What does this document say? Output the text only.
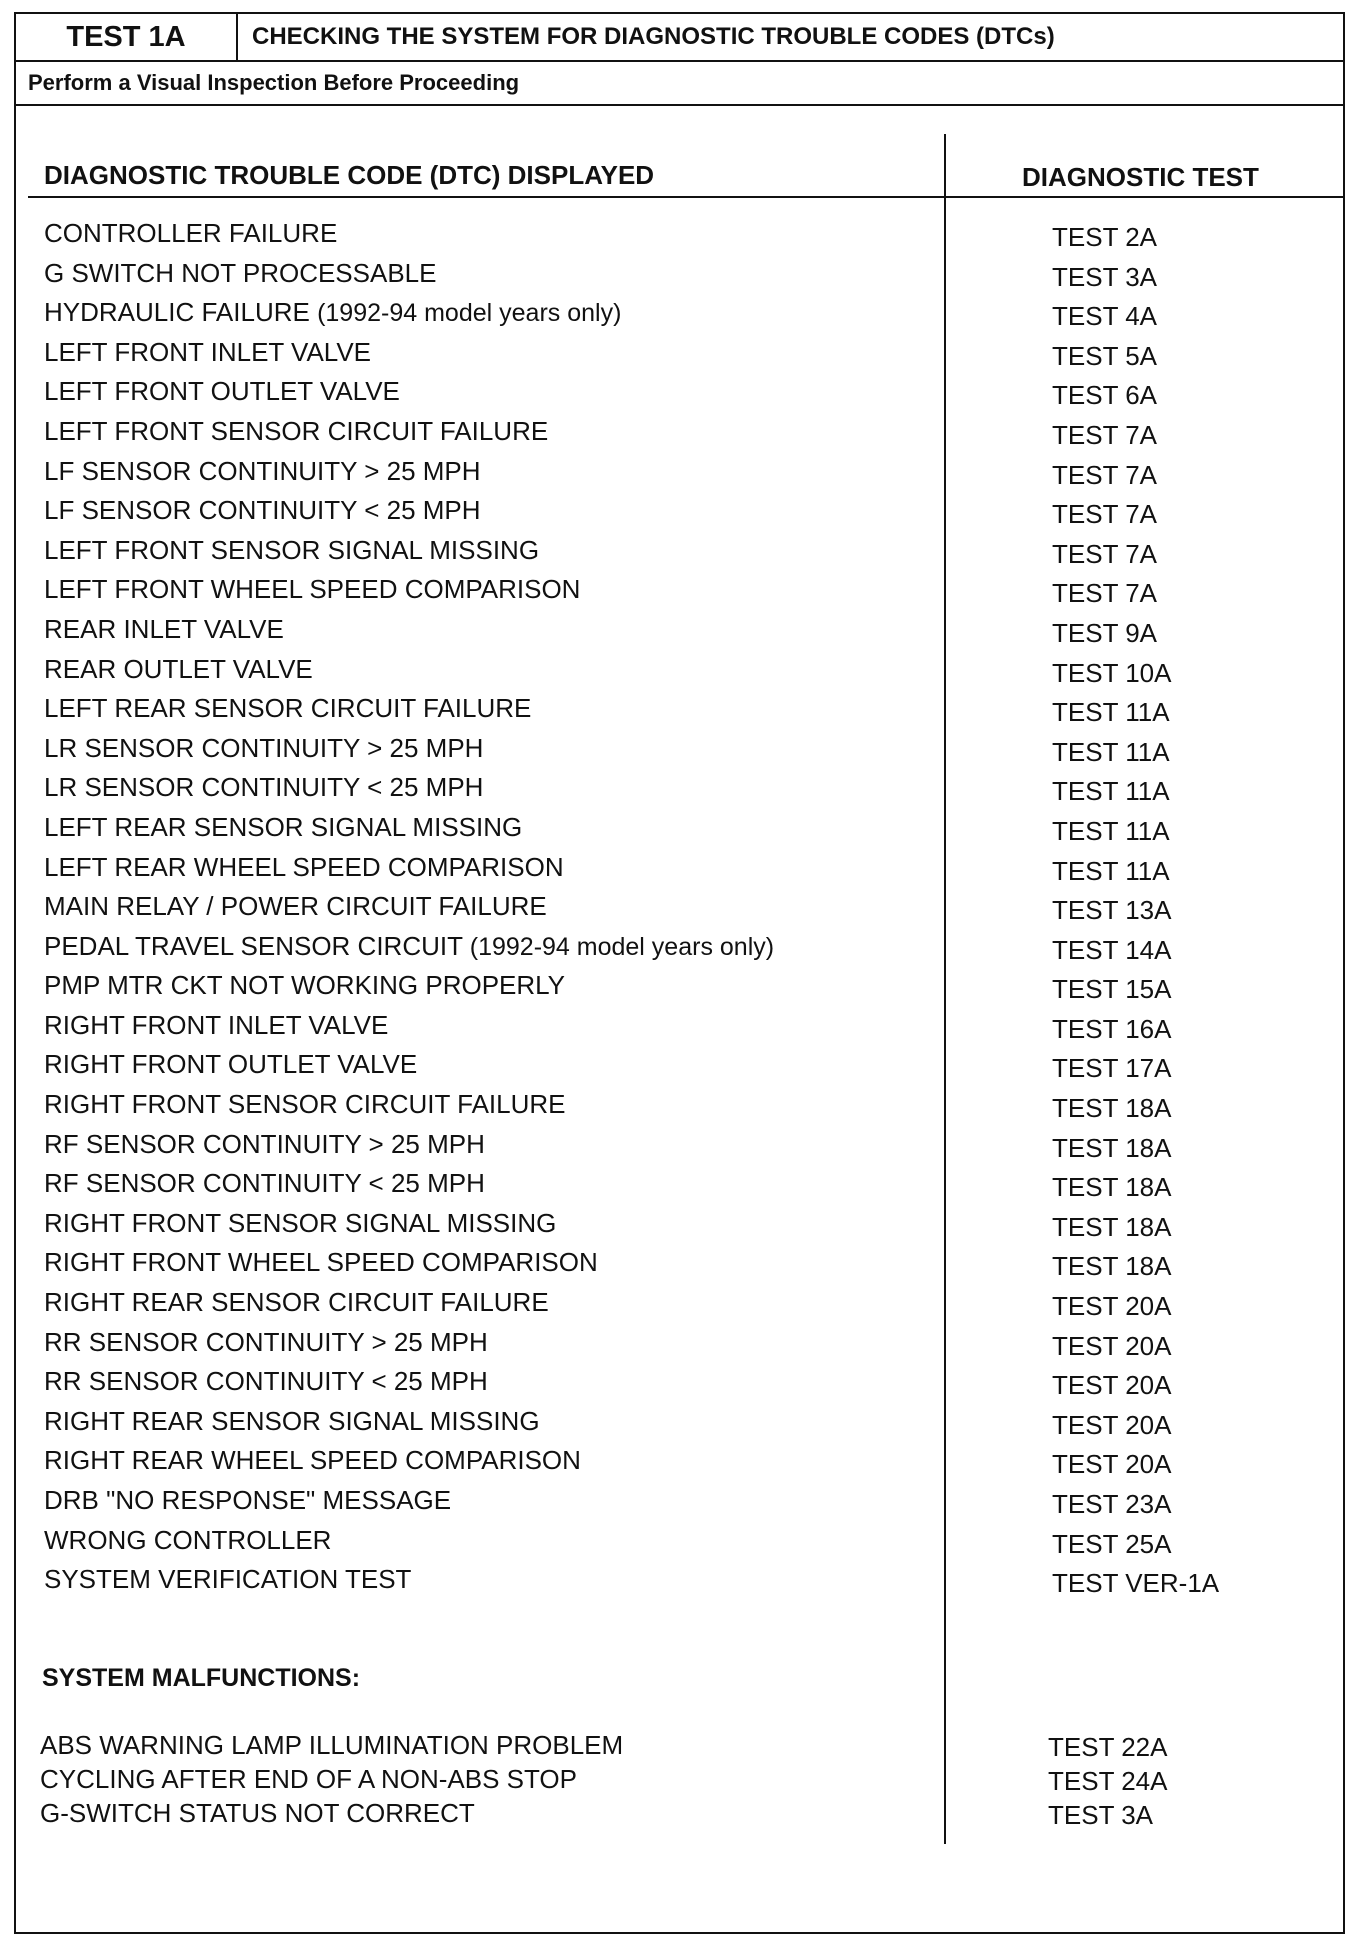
TEST 1A	CHECKING THE SYSTEM FOR DIAGNOSTIC TROUBLE CODES (DTCs)
Perform a Visual Inspection Before Proceeding
DIAGNOSTIC TROUBLE CODE (DTC) DISPLAYED	DIAGNOSTIC TEST
CONTROLLER FAILURE	TEST 2A
G SWITCH NOT PROCESSABLE	TEST 3A
HYDRAULIC FAILURE (1992-94 model years only)	TEST 4A
LEFT FRONT INLET VALVE	TEST 5A
LEFT FRONT OUTLET VALVE	TEST 6A
LEFT FRONT SENSOR CIRCUIT FAILURE	TEST 7A
LF SENSOR CONTINUITY > 25 MPH	TEST 7A
LF SENSOR CONTINUITY < 25 MPH	TEST 7A
LEFT FRONT SENSOR SIGNAL MISSING	TEST 7A
LEFT FRONT WHEEL SPEED COMPARISON	TEST 7A
REAR INLET VALVE	TEST 9A
REAR OUTLET VALVE	TEST 10A
LEFT REAR SENSOR CIRCUIT FAILURE	TEST 11A
LR SENSOR CONTINUITY > 25 MPH	TEST 11A
LR SENSOR CONTINUITY < 25 MPH	TEST 11A
LEFT REAR SENSOR SIGNAL MISSING	TEST 11A
LEFT REAR WHEEL SPEED COMPARISON	TEST 11A
MAIN RELAY / POWER CIRCUIT FAILURE	TEST 13A
PEDAL TRAVEL SENSOR CIRCUIT (1992-94 model years only)	TEST 14A
PMP MTR CKT NOT WORKING PROPERLY	TEST 15A
RIGHT FRONT INLET VALVE	TEST 16A
RIGHT FRONT OUTLET VALVE	TEST 17A
RIGHT FRONT SENSOR CIRCUIT FAILURE	TEST 18A
RF SENSOR CONTINUITY > 25 MPH	TEST 18A
RF SENSOR CONTINUITY < 25 MPH	TEST 18A
RIGHT FRONT SENSOR SIGNAL MISSING	TEST 18A
RIGHT FRONT WHEEL SPEED COMPARISON	TEST 18A
RIGHT REAR SENSOR CIRCUIT FAILURE	TEST 20A
RR SENSOR CONTINUITY > 25 MPH	TEST 20A
RR SENSOR CONTINUITY < 25 MPH	TEST 20A
RIGHT REAR SENSOR SIGNAL MISSING	TEST 20A
RIGHT REAR WHEEL SPEED COMPARISON	TEST 20A
DRB "NO RESPONSE" MESSAGE	TEST 23A
WRONG CONTROLLER	TEST 25A
SYSTEM VERIFICATION TEST	TEST VER-1A
SYSTEM MALFUNCTIONS:
ABS WARNING LAMP ILLUMINATION PROBLEM	TEST 22A
CYCLING AFTER END OF A NON-ABS STOP	TEST 24A
G-SWITCH STATUS NOT CORRECT	TEST 3A
